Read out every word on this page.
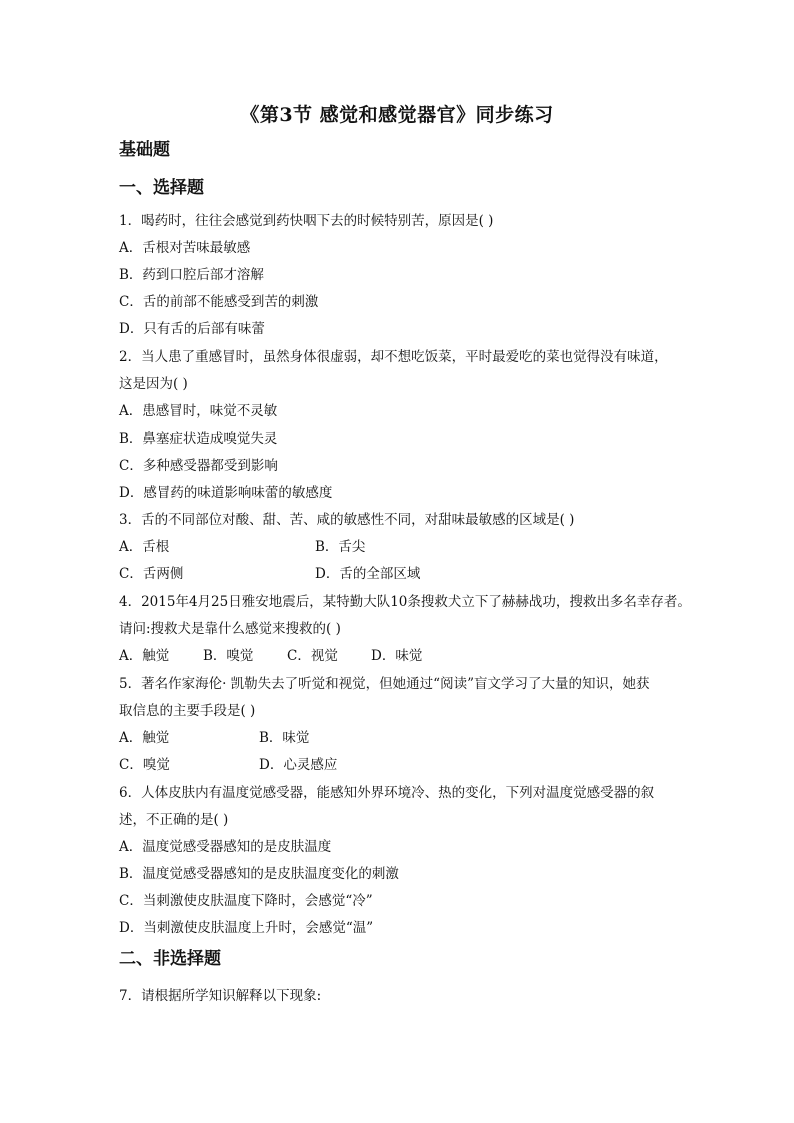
《第3节 感觉和感觉器官》同步练习
基础题
一、选择题
1．喝药时，往往会感觉到药快咽下去的时候特别苦，原因是( )
A．舌根对苦味最敏感
B．药到口腔后部才溶解
C．舌的前部不能感受到苦的刺激
D．只有舌的后部有味蕾
2．当人患了重感冒时，虽然身体很虚弱，却不想吃饭菜，平时最爱吃的菜也觉得没有味道，
这是因为( )
A．患感冒时，味觉不灵敏
B．鼻塞症状造成嗅觉失灵
C．多种感受器都受到影响
D．感冒药的味道影响味蕾的敏感度
3．舌的不同部位对酸、甜、苦、咸的敏感性不同，对甜味最敏感的区域是( )
A．舌根	B．舌尖
C．舌两侧	D．舌的全部区域
4．2015年4月25日雅安地震后，某特勤大队10条搜救犬立下了赫赫战功，搜救出多名幸存者。
请问:搜救犬是靠什么感觉来搜救的( )
A．触觉	B．嗅觉 C．视觉 D．味觉
5．著名作家海伦· 凯勒失去了听觉和视觉，但她通过“阅读”盲文学习了大量的知识，她获
取信息的主要手段是( )
A．触觉	B．味觉
C．嗅觉	D．心灵感应
6．人体皮肤内有温度觉感受器，能感知外界环境冷、热的变化，下列对温度觉感受器的叙
述，不正确的是( )
A．温度觉感受器感知的是皮肤温度
B．温度觉感受器感知的是皮肤温度变化的刺激
C．当刺激使皮肤温度下降时，会感觉“冷”
D．当刺激使皮肤温度上升时，会感觉“温”
二、非选择题
7．请根据所学知识解释以下现象:
